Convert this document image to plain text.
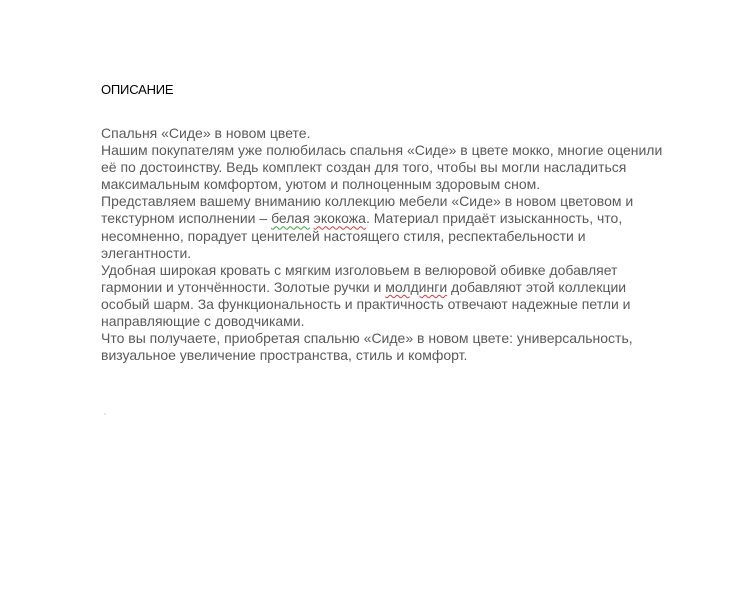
ОПИСАНИЕ
Спальня «Сиде» в новом цвете.
Нашим покупателям уже полюбилась спальня «Сиде» в цвете мокко, многие оценили
её по достоинству. Ведь комплект создан для того, чтобы вы могли насладиться
максимальным комфортом, уютом и полноценным здоровым сном.
Представляем вашему вниманию коллекцию мебели «Сиде» в новом цветовом и
текстурном исполнении – белая экокожа. Материал придаёт изысканность, что,
несомненно, порадует ценителей настоящего стиля, респектабельности и
элегантности.
Удобная широкая кровать с мягким изголовьем в велюровой обивке добавляет
гармонии и утончённости. Золотые ручки и молдинги добавляют этой коллекции
особый шарм. За функциональность и практичность отвечают надежные петли и
направляющие с доводчиками.
Что вы получаете, приобретая спальню «Сиде» в новом цвете: универсальность,
визуальное увеличение пространства, стиль и комфорт.
